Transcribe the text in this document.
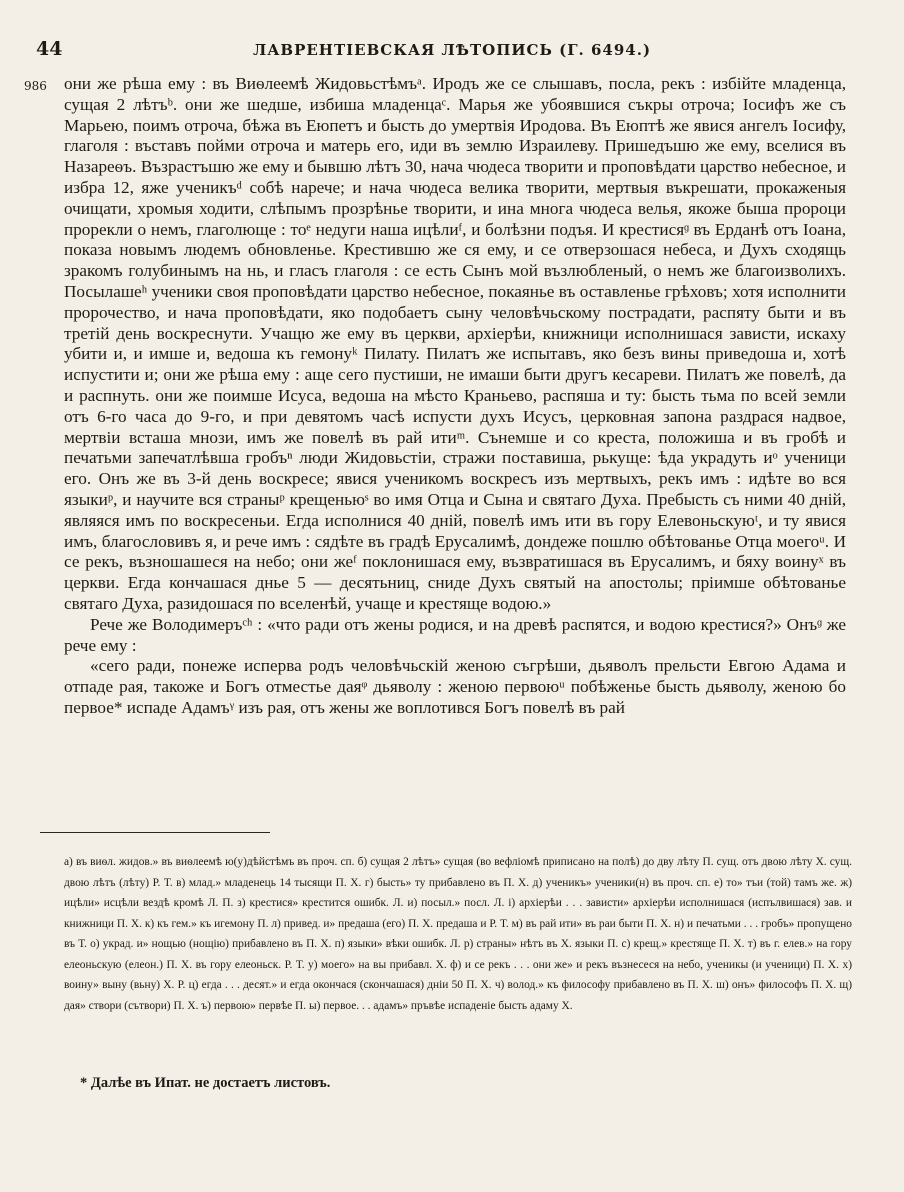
44	ЛАВРЕНТІЕВСКАЯ ЛѢТОПИСЬ (Г. 6494.)
986 они же рѣша ему : въ Виѳлеемѣ Жидовьстѣмъᵃ. Иродъ же се слышавъ, посла, рекъ : избійте младенца, сущая 2 лѣтъᵇ. они же шедше, избиша младенцаᶜ. Марья же убоявшися съкры отроча; Іосифъ же съ Марьею, поимъ отроча, бѣжа въ Еюпетъ и бысть до умертвія Иродова. Въ Еюптѣ же явися ангелъ Іосифу, глаголя : въставъ пойми отроча и матерь его, иди въ землю Израилеву. Пришедъшю же ему, вселися въ Назареѳъ. Възрастъшю же ему и бывшю лѣтъ 30, нача чюдеса творити и проповѣдати царство небесное, и избра 12, яже ученикъᵈ собѣ нарече; и нача чюдеса велика творити, мертвыя въкрешати, прокаженыя очищати, хромыя ходити, слѣпымъ прозрѣнье творити, и ина многа чюдеса велья, якоже быша пророци прорекли о немъ, глаголюще : тоᵉ недуги наша ицѣлиᶠ, и болѣзни подъя. И крестисяᶢ въ Ерданѣ отъ Іоана, показа новымъ людемъ обновленье. Крестившю же ся ему, и се отверзошася небеса, и Духъ сходящь зракомъ голубинымъ на нь, и гласъ глаголя : се есть Сынъ мой възлюбленый, о немъ же благоизволихъ. Посылашеʰ ученики своя проповѣдати царство небесное, покаянье въ оставленье грѣховъ; хотя исполнити пророчество, и нача проповѣдати, яко подобаетъ сыну человѣчьскому пострадати, распяту быти и въ третій день воскреснути. Учащю же ему въ церкви, архіерѣи, книжници исполнишася зависти, искаху убити и, и имше и, ведоша къ гемонуᵏ Пилату. Пилатъ же испытавъ, яко безъ вины приведоша и, хотѣ испустити и; они же рѣша ему : аще сего пустиши, не имаши быти другъ кесареви. Пилатъ же повелѣ, да и распнуть. они же поимше Исуса, ведоша на мѣсто Краньево, распяша и ту: бысть тьма по всей земли отъ 6-го часа до 9-го, и при девятомъ часѣ испусти духъ Исусъ, церковная запона раздрася надвое, мертвіи всташа мнози, имъ же повелѣ въ рай итиᵐ. Сънемше и со креста, положиша и въ гробѣ и печатьми запечатлѣвша гробъⁿ люди Жидовьстіи, стражи поставиша, рькуще: ѣда украдуть иᵒ ученици его. Онъ же въ 3-й день воскресе; явися ученикомъ воскресъ изъ мертвыхъ, рекъ имъ : идѣте во вся языкиᵖ, и научите вся страныᵖ крещеньюˢ во имя Отца и Сына и святаго Духа. Пребысть съ ними 40 дній, являяся имъ по воскресеньи. Егда исполнися 40 дній, повелѣ имъ ити въ гору Елевоньскуюᵗ, и ту явися имъ, благословивъ я, и рече имъ : сядѣте въ градѣ Ерусалимѣ, дондеже пошлю обѣтованье Отца моегоᵘ. И се рекъ, възношашеся на небо; они жеᶠ поклонишася ему, възвратишася въ Ерусалимъ, и бяху воинуˣ въ церкви. Егда кончашася днье 5 — десятьниц, сниде Духъ святый на апостолы; пріимше обѣтованье святаго Духа, разидошася по вселенѣй, учаще и крестяще водою.»

Рече же Володимеръᶜʰ : «что ради отъ жены родися, и на древѣ распятся, и водою крестися?» Онъᶢ же рече ему :

«сего ради, понеже исперва родъ человѣчьскій женою съгрѣши, дьяволъ прельсти Евгою Адама и отпаде рая, такоже и Богъ отместье даяᵠ дьяволу : женою первоюᵘ побѣженье бысть дьяволу, женою бо первое* испаде Адамъᵞ изъ рая, отъ жены же воплотився Богъ повелѣ въ рай

а) въ виѳл. жидов.» въ виѳлеемѣ ю(у)дѣйстѣмъ въ проч. сп. б) сущая 2 лѣтъ» сущая (во вефлiомѣ приписано на полѣ) до дву лѣту П. сущ. отъ двою лѣту Х. сущ. двою лѣтъ (лѣту) Р. Т. в) млад.» младенець 14 тысящи П. Х. г) бысть» ту прибавлено въ П. Х. д) ученикъ» ученики(н) въ проч. сп. е) то» тъи (той) тамъ же. ж) ицѣли» исцѣли вездѣ кромѣ Л. П. з) крестися» крестится ошибк. Л. и) посыл.» посл. Л. і) архіерѣи . . . зависти» архіерѣи исполнишася (испълвишася) зав. и книжници П. Х. к) къ гем.» къ игемону П. л) привед. и» предаша (его) П. Х. предаша и Р. Т. м) въ рай ити» въ раи быти П. Х. н) и печатьми . . . гробъ» пропущено въ Т. о) украд. и» нощью (нощію) прибавлено въ П. Х. п) языки» вѣки ошибк. Л. р) страны» нѣтъ въ Х. языки П. с) крещ.» крестяще П. Х. т) въ г. елев.» на гору елеоньскую (елеон.) П. Х. въ гору елеоньск. Р. Т. у) моего» на вы прибавл. Х. ф) и се рекъ . . . они же» и рекъ възнесеся на небо, ученикы (и ученици) П. Х. х) воину» выну (вьну) Х. Р. ц) егда . . . десят.» и егда окончася (скончашася) днiи 50 П. Х. ч) волод.» къ философу прибавлено въ П. Х. ш) онъ» философъ П. Х. щ) дая» створи (сътвори) П. Х. ъ) первою» первѣе П. ы) первое. . . адамъ» пръвѣе испаденіе бысть адаму Х.

* Далѣе въ Ипат. не достаетъ листовъ.
